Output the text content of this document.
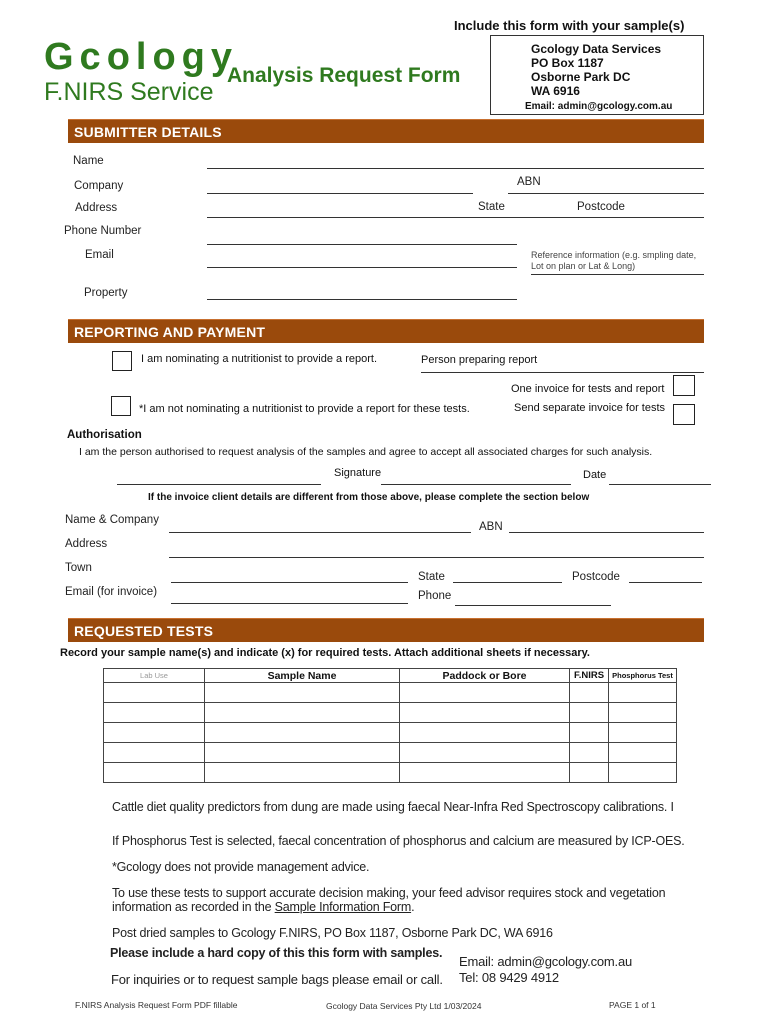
Include this form with your sample(s)
Gcology
F.NIRS Service
Analysis Request Form
Gcology Data Services
PO Box 1187
Osborne Park DC
WA 6916
Email: admin@gcology.com.au
SUBMITTER DETAILS
Name
Company	ABN
Address	State	Postcode
Phone Number
Email	Reference information (e.g. smpling date,
Lot on plan or Lat & Long)
Property
REPORTING AND PAYMENT
I am nominating a nutritionist to provide a report.	Person preparing report
One invoice for tests and report
*I am not nominating a nutritionist to provide a report for these tests.	Send separate invoice for tests
Authorisation
I am the person authorised to request analysis of the samples and agree to accept all associated charges for such analysis.
Signature	Date
If the invoice client details are different from those above, please complete the section below
Name & Company
ABN
Address
Town
State	Postcode
Email (for invoice)	Phone
REQUESTED TESTS
Record your sample name(s) and indicate (x) for required tests. Attach additional sheets if necessary.
Lab Use	Sample Name	Paddock or Bore	F.NIRS	Phosphorus Test

Cattle diet quality predictors from dung are made using faecal Near-Infra Red Spectroscopy calibrations. I
If Phosphorus Test is selected, faecal concentration of phosphorus and calcium are measured by ICP-OES.
*Gcology does not provide management advice.
To use these tests to support accurate decision making, your feed advisor requires stock and vegetation
information as recorded in the Sample Information Form.
Post dried samples to Gcology F.NIRS, PO Box 1187, Osborne Park DC, WA 6916
Please include a hard copy of this this form with samples.
Email: admin@gcology.com.au
For inquiries or to request sample bags please email or call. Tel: 08 9429 4912
F.NIRS Analysis Request Form PDF fillable	Gcology Data Services Pty Ltd 1/03/2024	PAGE 1 of 1
